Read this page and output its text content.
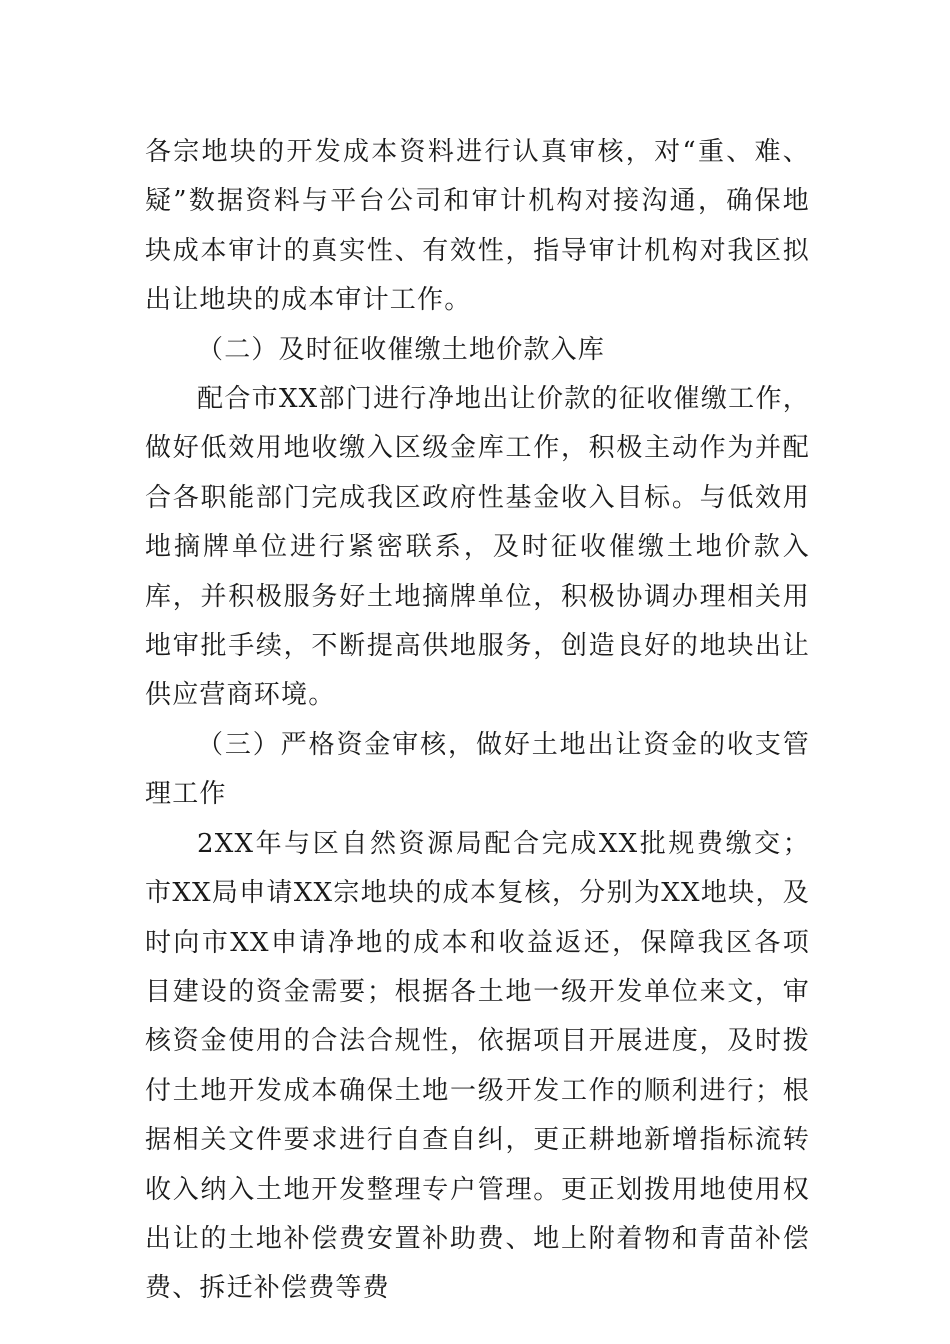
各宗地块的开发成本资料进行认真审核，对“重、难、疑”数据资料与平台公司和审计机构对接沟通，确保地块成本审计的真实性、有效性，指导审计机构对我区拟出让地块的成本审计工作。

（二）及时征收催缴土地价款入库

配合市XX部门进行净地出让价款的征收催缴工作，做好低效用地收缴入区级金库工作，积极主动作为并配合各职能部门完成我区政府性基金收入目标。与低效用地摘牌单位进行紧密联系，及时征收催缴土地价款入库，并积极服务好土地摘牌单位，积极协调办理相关用地审批手续，不断提高供地服务，创造良好的地块出让供应营商环境。

（三）严格资金审核，做好土地出让资金的收支管理工作

2XX年与区自然资源局配合完成XX批规费缴交；市XX局申请XX宗地块的成本复核，分别为XX地块，及时向市XX申请净地的成本和收益返还，保障我区各项目建设的资金需要；根据各土地一级开发单位来文，审核资金使用的合法合规性，依据项目开展进度，及时拨付土地开发成本确保土地一级开发工作的顺利进行；根据相关文件要求进行自查自纠，更正耕地新增指标流转收入纳入土地开发整理专户管理。更正划拨用地使用权出让的土地补偿费安置补助费、地上附着物和青苗补偿费、拆迁补偿费等费
